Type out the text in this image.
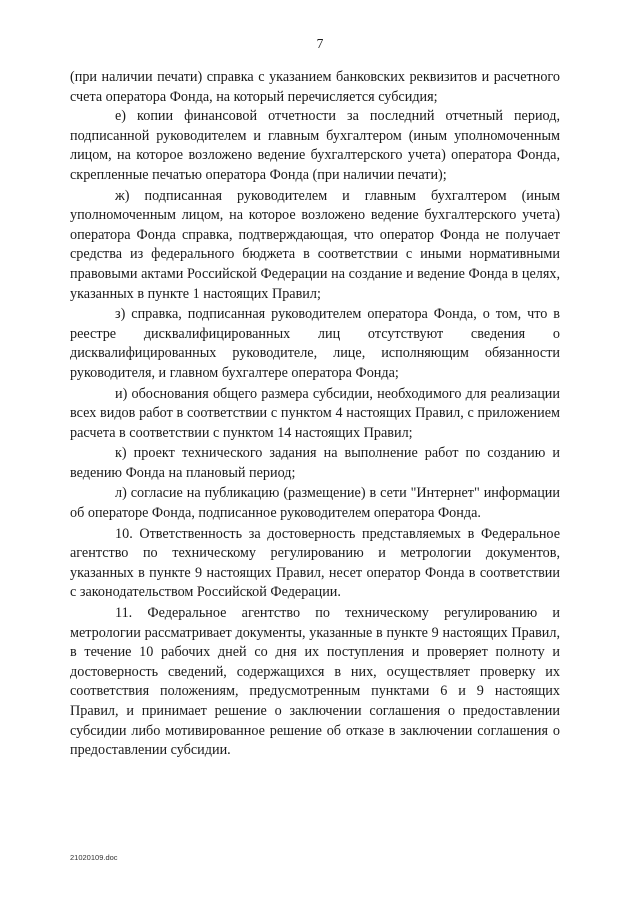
7

(при наличии печати) справка с указанием банковских реквизитов и расчетного счета оператора Фонда, на который перечисляется субсидия;

е) копии финансовой отчетности за последний отчетный период, подписанной руководителем и главным бухгалтером (иным уполномоченным лицом, на которое возложено ведение бухгалтерского учета) оператора Фонда, скрепленные печатью оператора Фонда (при наличии печати);

ж) подписанная руководителем и главным бухгалтером (иным уполномоченным лицом, на которое возложено ведение бухгалтерского учета) оператора Фонда справка, подтверждающая, что оператор Фонда не получает средства из федерального бюджета в соответствии с иными нормативными правовыми актами Российской Федерации на создание и ведение Фонда в целях, указанных в пункте 1 настоящих Правил;

з) справка, подписанная руководителем оператора Фонда, о том, что в реестре дисквалифицированных лиц отсутствуют сведения о дисквалифицированных руководителе, лице, исполняющим обязанности руководителя, и главном бухгалтере оператора Фонда;

и) обоснования общего размера субсидии, необходимого для реализации всех видов работ в соответствии с пунктом 4 настоящих Правил, с приложением расчета в соответствии с пунктом 14 настоящих Правил;

к) проект технического задания на выполнение работ по созданию и ведению Фонда на плановый период;

л) согласие на публикацию (размещение) в сети "Интернет" информации об операторе Фонда, подписанное руководителем оператора Фонда.

10. Ответственность за достоверность представляемых в Федеральное агентство по техническому регулированию и метрологии документов, указанных в пункте 9 настоящих Правил, несет оператор Фонда в соответствии с законодательством Российской Федерации.

11. Федеральное агентство по техническому регулированию и метрологии рассматривает документы, указанные в пункте 9 настоящих Правил, в течение 10 рабочих дней со дня их поступления и проверяет полноту и достоверность сведений, содержащихся в них, осуществляет проверку их соответствия положениям, предусмотренным пунктами 6 и 9 настоящих Правил, и принимает решение о заключении соглашения о предоставлении субсидии либо мотивированное решение об отказе в заключении соглашения о предоставлении субсидии.

21020109.doc
